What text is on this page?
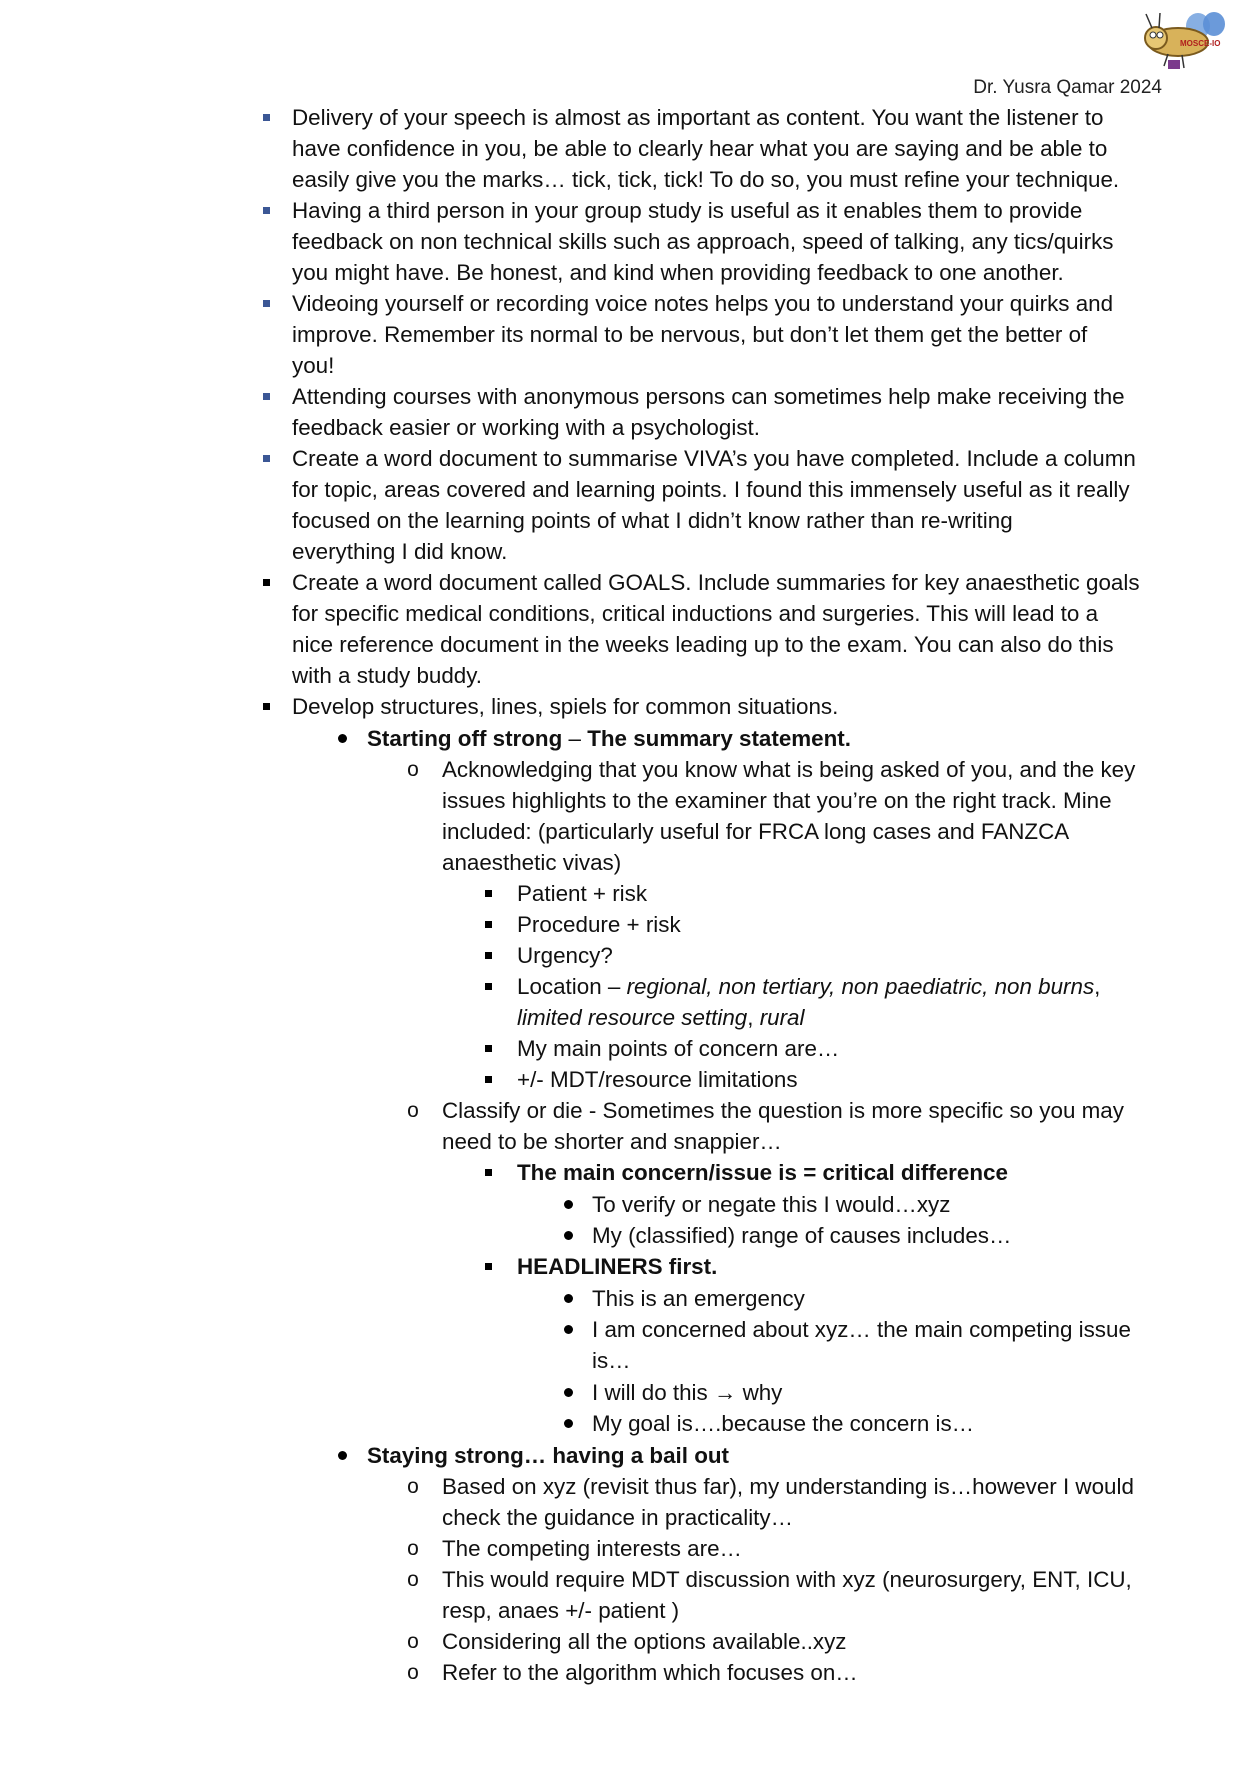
MOSCE-IO
Dr. Yusra Qamar 2024
Delivery of your speech is almost as important as content. You want the listener to
have confidence in you, be able to clearly hear what you are saying and be able to
easily give you the marks… tick, tick, tick! To do so, you must refine your technique.
Having a third person in your group study is useful as it enables them to provide
feedback on non technical skills such as approach, speed of talking, any tics/quirks
you might have. Be honest, and kind when providing feedback to one another.
Videoing yourself or recording voice notes helps you to understand your quirks and
improve. Remember its normal to be nervous, but don’t let them get the better of
you!
Attending courses with anonymous persons can sometimes help make receiving the
feedback easier or working with a psychologist.
Create a word document to summarise VIVA’s you have completed. Include a column
for topic, areas covered and learning points. I found this immensely useful as it really
focused on the learning points of what I didn’t know rather than re-writing
everything I did know.
Create a word document called GOALS. Include summaries for key anaesthetic goals
for specific medical conditions, critical inductions and surgeries. This will lead to a
nice reference document in the weeks leading up to the exam. You can also do this
with a study buddy.
Develop structures, lines, spiels for common situations.
Starting off strong – The summary statement.
o Acknowledging that you know what is being asked of you, and the key
issues highlights to the examiner that you’re on the right track. Mine
included: (particularly useful for FRCA long cases and FANZCA
anaesthetic vivas)
Patient + risk
Procedure + risk
Urgency?
Location – regional, non tertiary, non paediatric, non burns,
limited resource setting, rural
My main points of concern are…
+/- MDT/resource limitations
o Classify or die - Sometimes the question is more specific so you may
need to be shorter and snappier…
The main concern/issue is = critical difference
To verify or negate this I would…xyz
My (classified) range of causes includes…
HEADLINERS first.
This is an emergency
I am concerned about xyz… the main competing issue
is…
I will do this → why
My goal is….because the concern is…
Staying strong… having a bail out
o Based on xyz (revisit thus far), my understanding is…however I would
check the guidance in practicality…
o The competing interests are…
o This would require MDT discussion with xyz (neurosurgery, ENT, ICU,
resp, anaes +/- patient )
o Considering all the options available..xyz
o Refer to the algorithm which focuses on…
